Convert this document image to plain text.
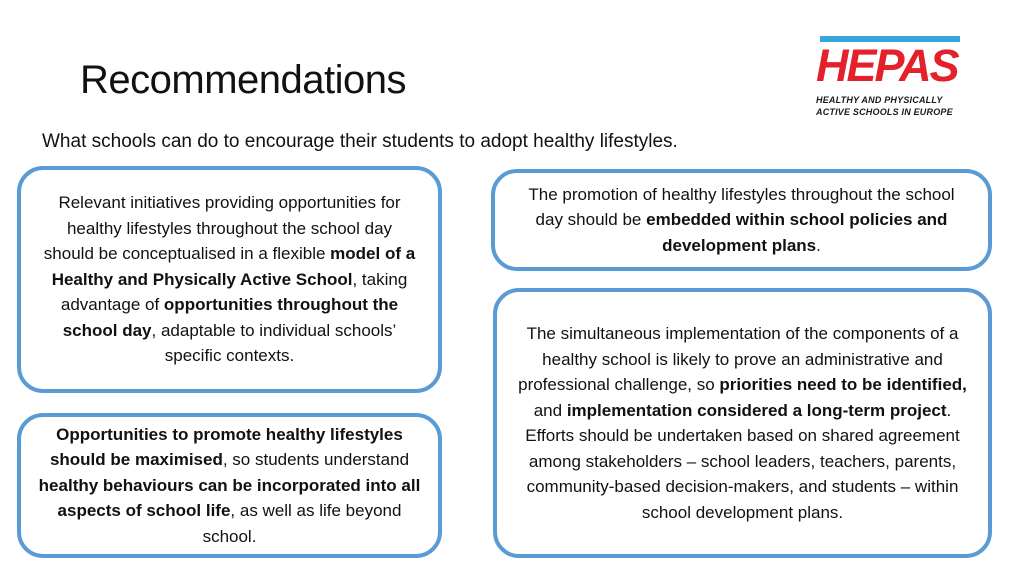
Recommendations
What schools can do to encourage their students to adopt healthy lifestyles.
HEPAS
HEALTHY AND PHYSICALLY ACTIVE SCHOOLS IN EUROPE

Relevant initiatives providing opportunities for healthy lifestyles throughout the school day should be conceptualised in a flexible model of a Healthy and Physically Active School, taking advantage of opportunities throughout the school day, adaptable to individual schools’ specific contexts.

Opportunities to promote healthy lifestyles should be maximised, so students understand healthy behaviours can be incorporated into all aspects of school life, as well as life beyond school.

The promotion of healthy lifestyles throughout the school day should be embedded within school policies and development plans.

The simultaneous implementation of the components of a healthy school is likely to prove an administrative and professional challenge, so priorities need to be identified, and implementation considered a long-term project. Efforts should be undertaken based on shared agreement among stakeholders – school leaders, teachers, parents, community-based decision-makers, and students – within school development plans.
